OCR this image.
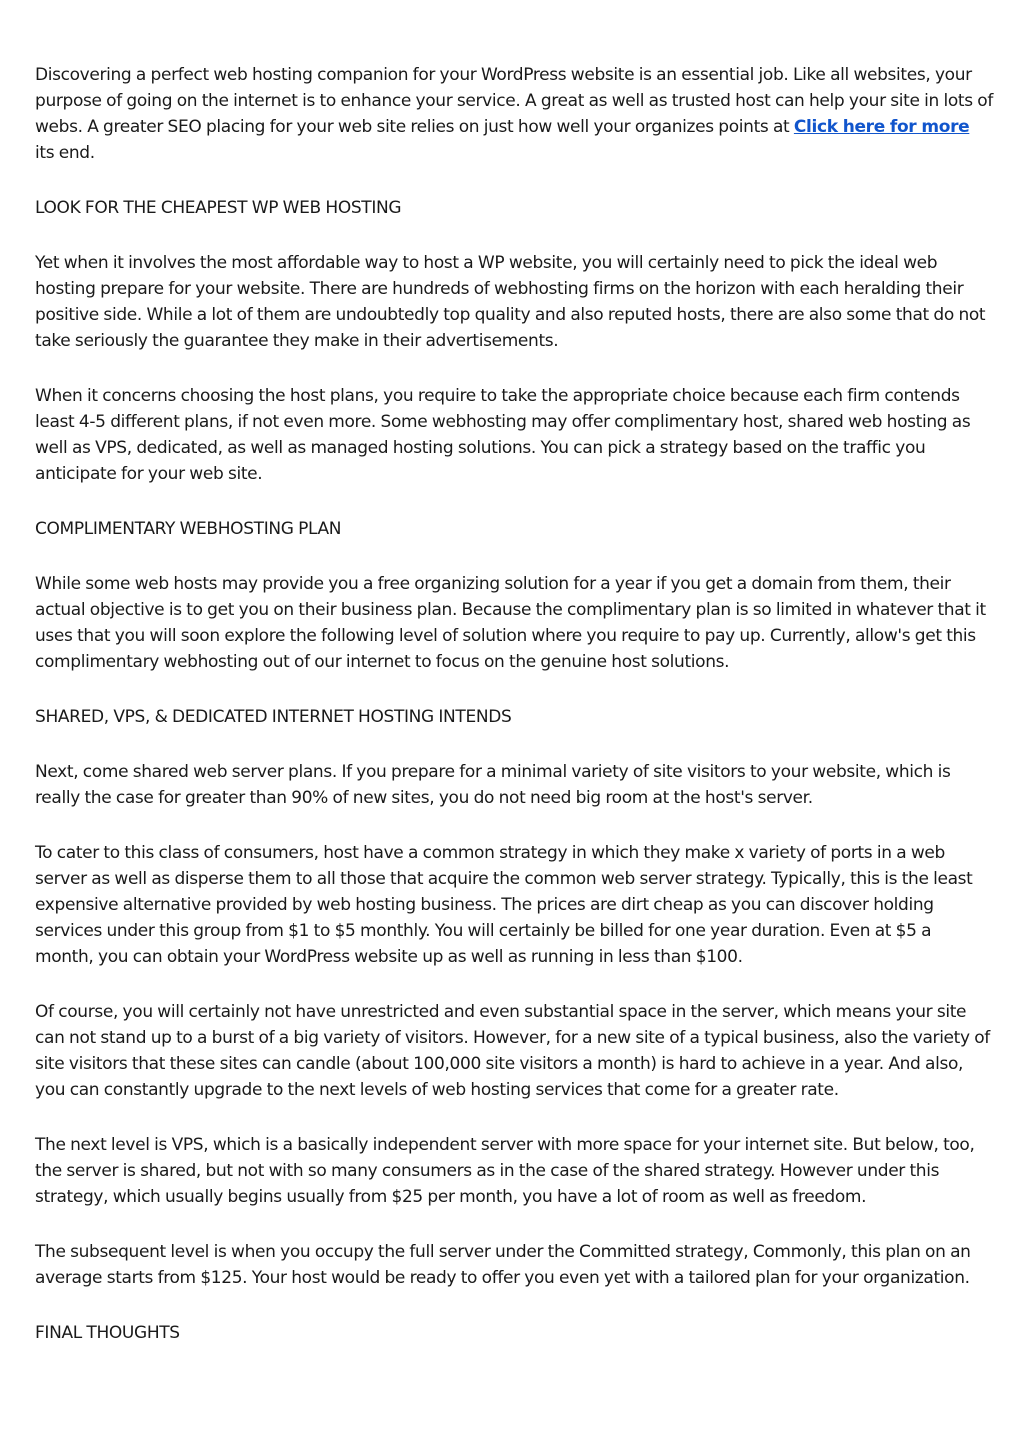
Discovering a perfect web hosting companion for your WordPress website is an essential job. Like all websites, your purpose of going on the internet is to enhance your service. A great as well as trusted host can help your site in lots of webs. A greater SEO placing for your web site relies on just how well your organizes points at Click here for more its end.

LOOK FOR THE CHEAPEST WP WEB HOSTING

Yet when it involves the most affordable way to host a WP website, you will certainly need to pick the ideal web hosting prepare for your website. There are hundreds of webhosting firms on the horizon with each heralding their positive side. While a lot of them are undoubtedly top quality and also reputed hosts, there are also some that do not take seriously the guarantee they make in their advertisements.

When it concerns choosing the host plans, you require to take the appropriate choice because each firm contends least 4-5 different plans, if not even more. Some webhosting may offer complimentary host, shared web hosting as well as VPS, dedicated, as well as managed hosting solutions. You can pick a strategy based on the traffic you anticipate for your web site.

COMPLIMENTARY WEBHOSTING PLAN

While some web hosts may provide you a free organizing solution for a year if you get a domain from them, their actual objective is to get you on their business plan. Because the complimentary plan is so limited in whatever that it uses that you will soon explore the following level of solution where you require to pay up. Currently, allow's get this complimentary webhosting out of our internet to focus on the genuine host solutions.

SHARED, VPS, & DEDICATED INTERNET HOSTING INTENDS

Next, come shared web server plans. If you prepare for a minimal variety of site visitors to your website, which is really the case for greater than 90% of new sites, you do not need big room at the host's server.

To cater to this class of consumers, host have a common strategy in which they make x variety of ports in a web server as well as disperse them to all those that acquire the common web server strategy. Typically, this is the least expensive alternative provided by web hosting business. The prices are dirt cheap as you can discover holding services under this group from $1 to $5 monthly. You will certainly be billed for one year duration. Even at $5 a month, you can obtain your WordPress website up as well as running in less than $100.

Of course, you will certainly not have unrestricted and even substantial space in the server, which means your site can not stand up to a burst of a big variety of visitors. However, for a new site of a typical business, also the variety of site visitors that these sites can candle (about 100,000 site visitors a month) is hard to achieve in a year. And also, you can constantly upgrade to the next levels of web hosting services that come for a greater rate.

The next level is VPS, which is a basically independent server with more space for your internet site. But below, too, the server is shared, but not with so many consumers as in the case of the shared strategy. However under this strategy, which usually begins usually from $25 per month, you have a lot of room as well as freedom.

The subsequent level is when you occupy the full server under the Committed strategy, Commonly, this plan on an average starts from $125. Your host would be ready to offer you even yet with a tailored plan for your organization.

FINAL THOUGHTS
